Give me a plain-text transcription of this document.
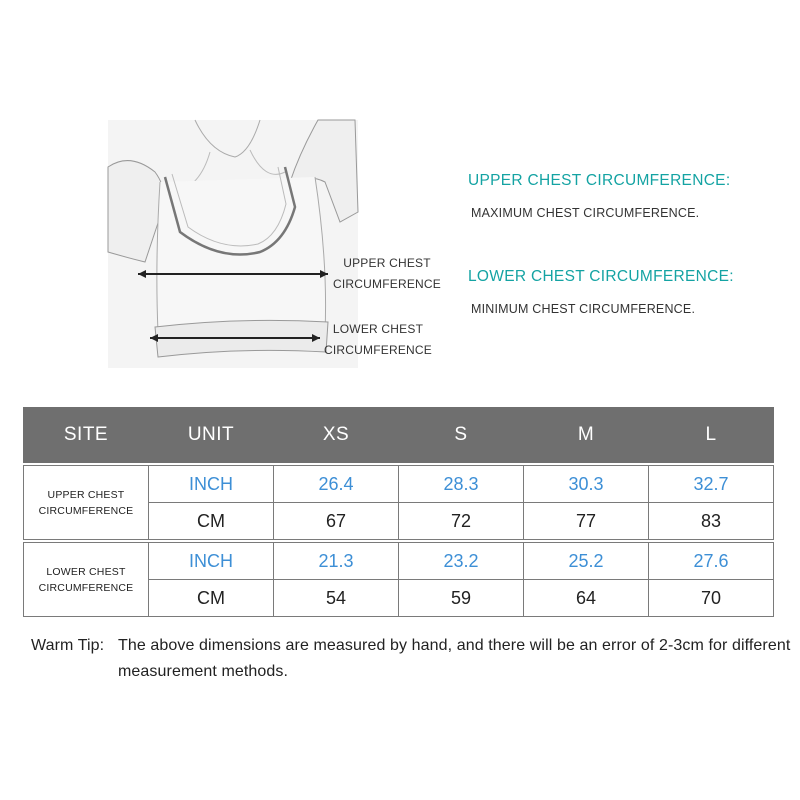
UPPER CHEST
CIRCUMFERENCE
LOWER CHEST
CIRCUMFERENCE
UPPER CHEST CIRCUMFERENCE:
MAXIMUM CHEST CIRCUMFERENCE.
LOWER CHEST CIRCUMFERENCE:
MINIMUM CHEST CIRCUMFERENCE.
SITE	UNIT	XS	S	M	L

UPPER CHEST
CIRCUMFERENCE	INCH	26.4	28.3	30.3	32.7
	CM	67	72	77	83

LOWER CHEST
CIRCUMFERENCE	INCH	21.3	23.2	25.2	27.6
	CM	54	59	64	70
Warm Tip: The above dimensions are measured by hand, and there will be an error of 2-3cm for different measurement methods.
